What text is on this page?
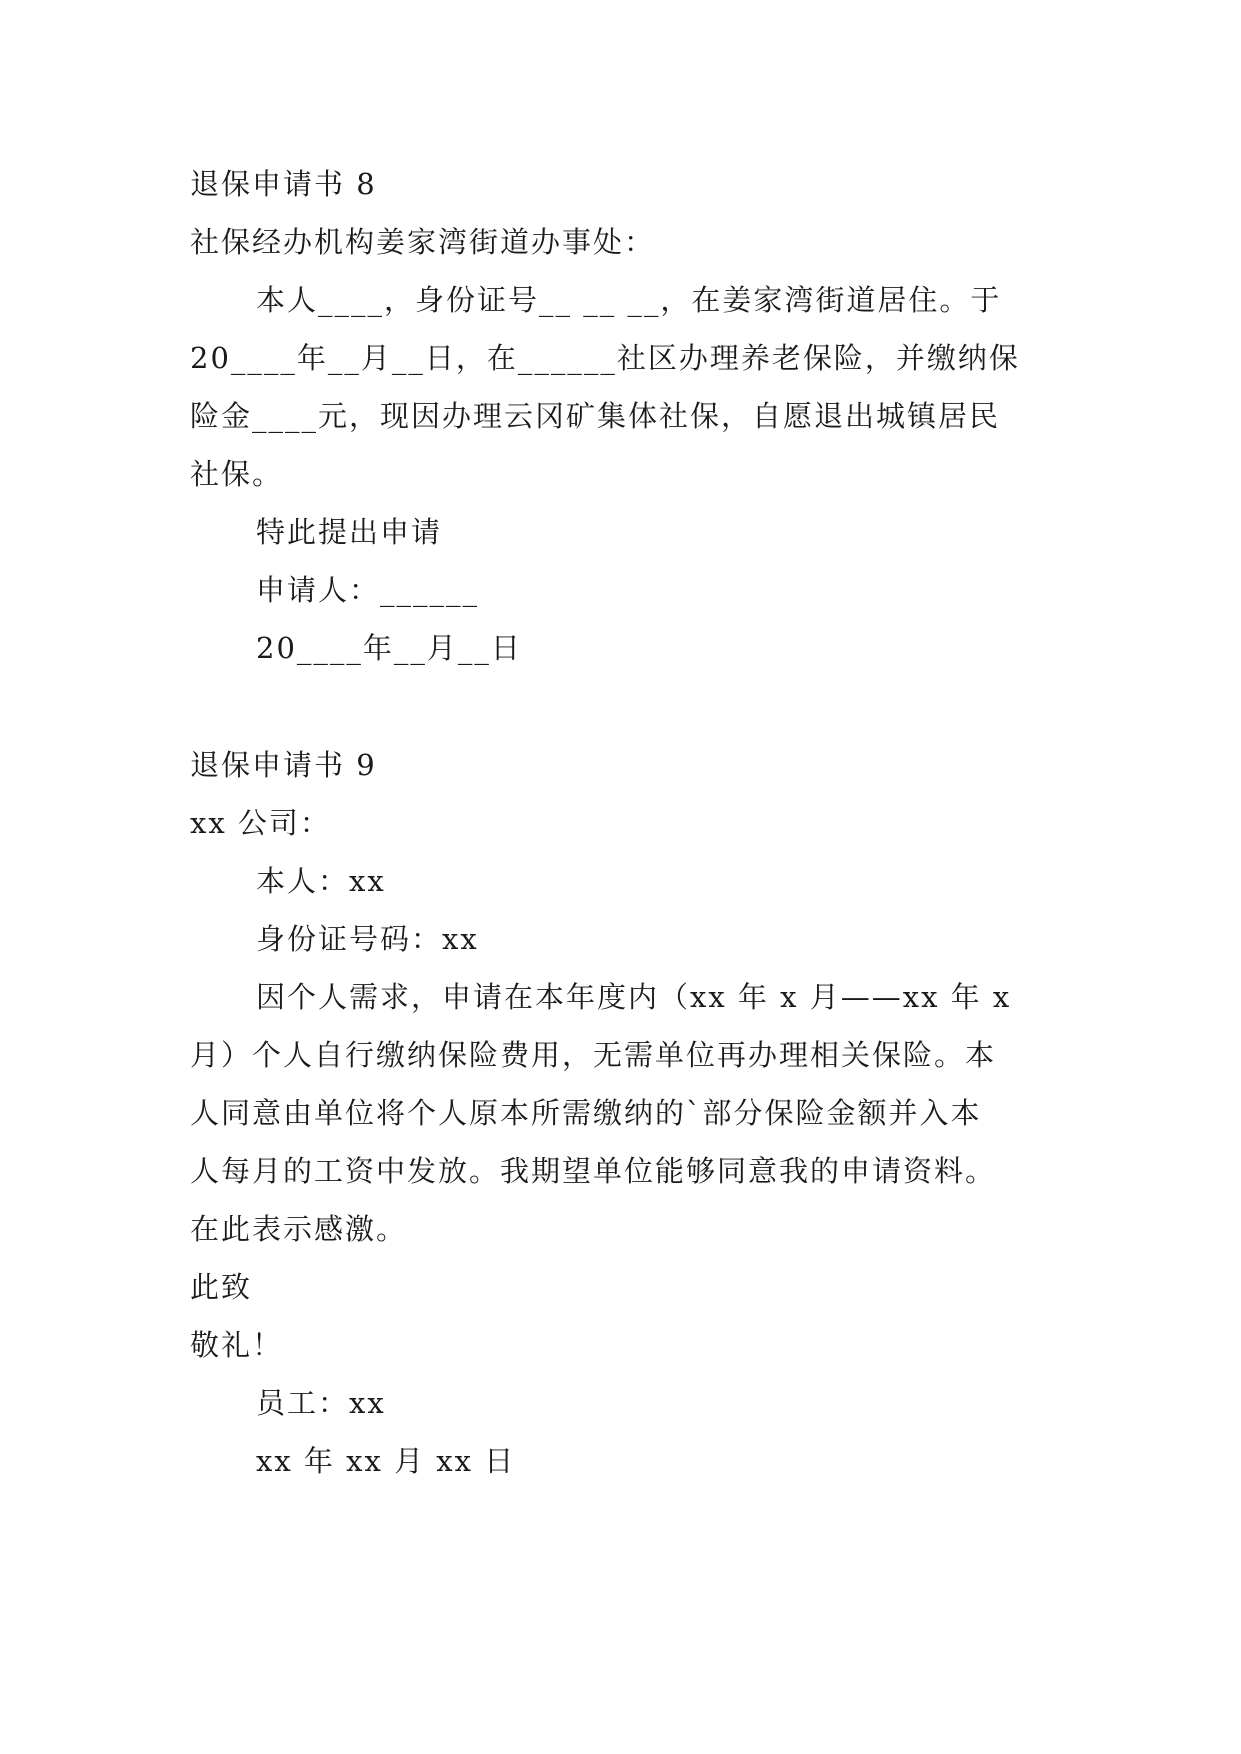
退保申请书 8
社保经办机构姜家湾街道办事处：
本人____，身份证号__ __ __，在姜家湾街道居住。于
20____年__月__日，在______社区办理养老保险，并缴纳保
险金____元，现因办理云冈矿集体社保，自愿退出城镇居民
社保。
特此提出申请
申请人：______
20____年__月__日
退保申请书 9
xx 公司：
本人：xx
身份证号码：xx
因个人需求，申请在本年度内（xx 年 x 月——xx 年 x
月）个人自行缴纳保险费用，无需单位再办理相关保险。本
人同意由单位将个人原本所需缴纳的`部分保险金额并入本
人每月的工资中发放。我期望单位能够同意我的申请资料。
在此表示感激。
此致
敬礼！
员工：xx
xx 年 xx 月 xx 日
